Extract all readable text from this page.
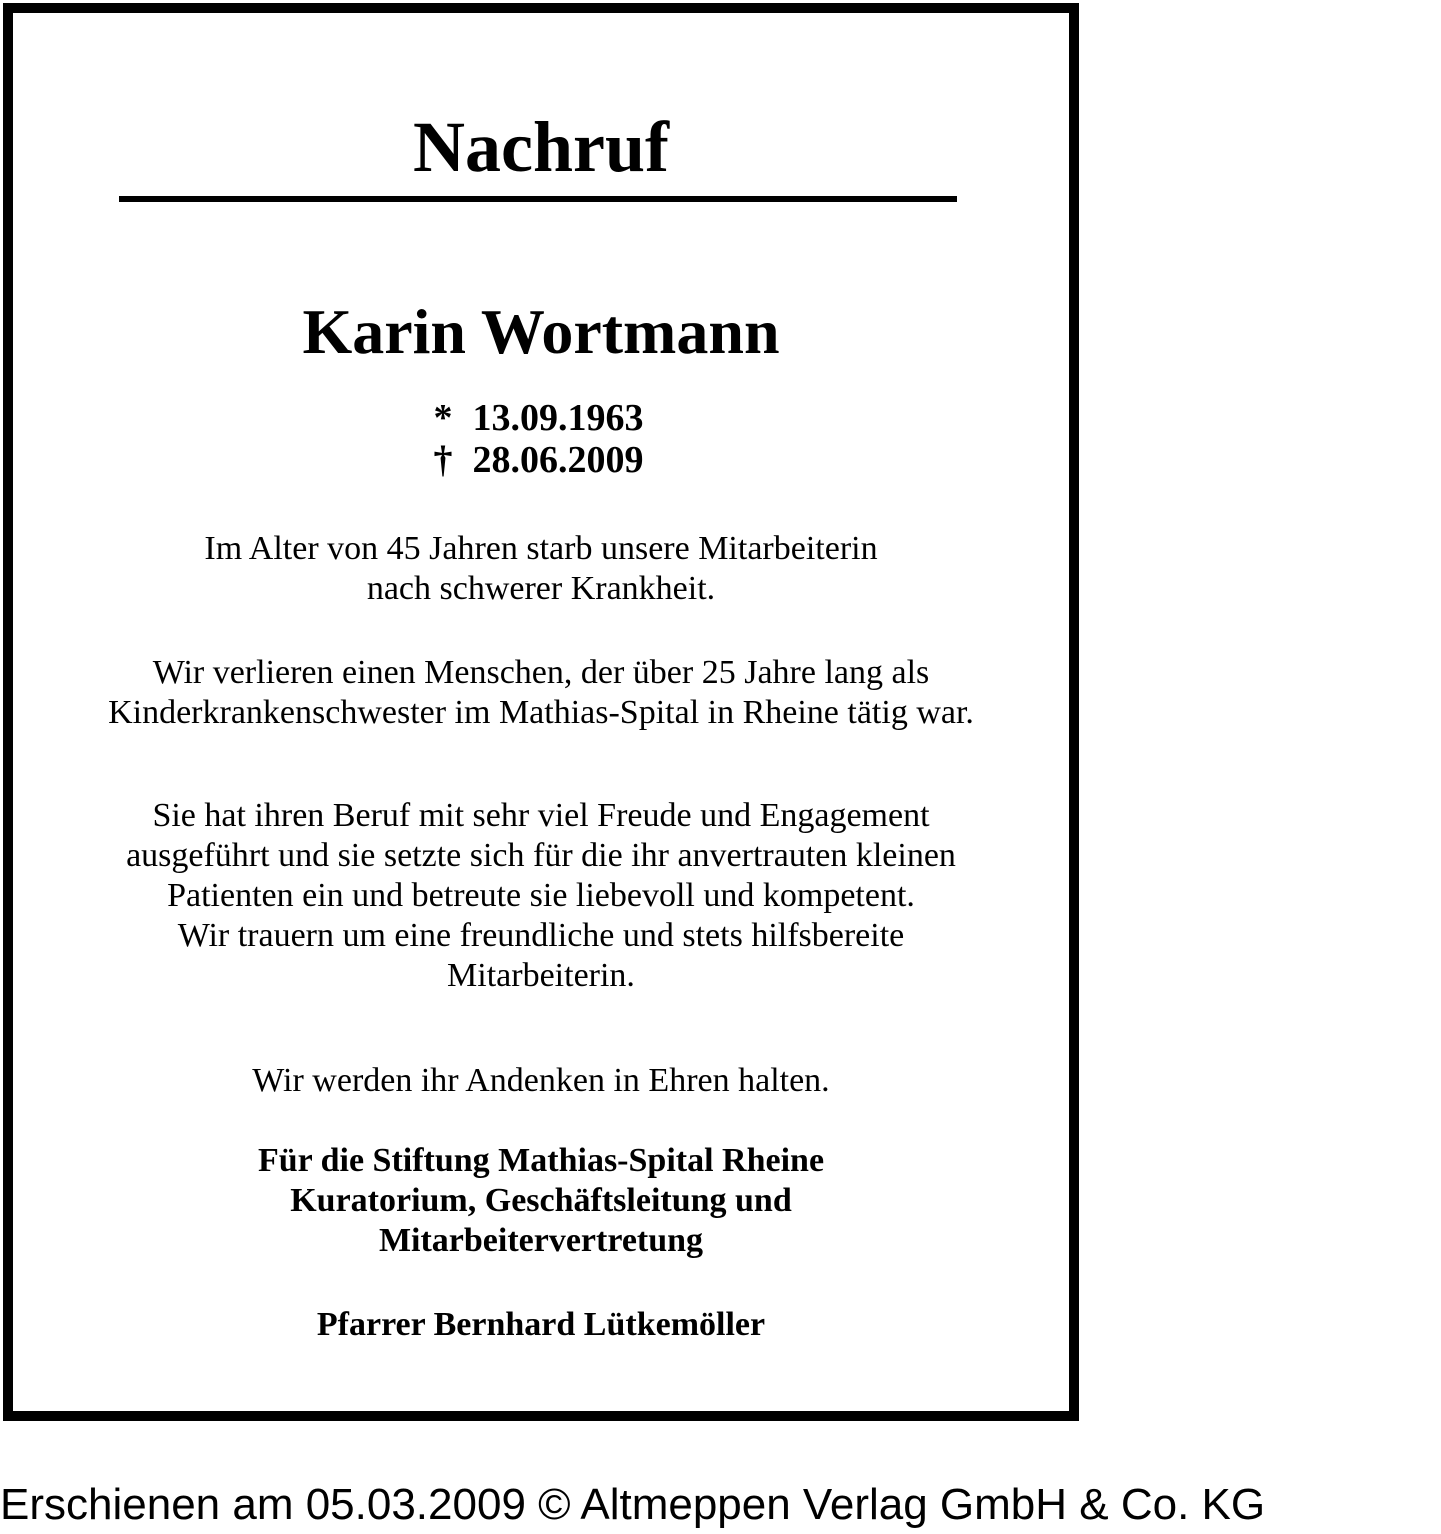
Nachruf
Karin Wortmann
* 13.09.1963
† 28.06.2009

Im Alter von 45 Jahren starb unsere Mitarbeiterin
nach schwerer Krankheit.

Wir verlieren einen Menschen, der über 25 Jahre lang als
Kinderkrankenschwester im Mathias-Spital in Rheine tätig war.

Sie hat ihren Beruf mit sehr viel Freude und Engagement
ausgeführt und sie setzte sich für die ihr anvertrauten kleinen
Patienten ein und betreute sie liebevoll und kompetent.
Wir trauern um eine freundliche und stets hilfsbereite
Mitarbeiterin.

Wir werden ihr Andenken in Ehren halten.

Für die Stiftung Mathias-Spital Rheine
Kuratorium, Geschäftsleitung und
Mitarbeitervertretung
Pfarrer Bernhard Lütkemöller
Erschienen am 05.03.2009 © Altmeppen Verlag GmbH & Co. KG
